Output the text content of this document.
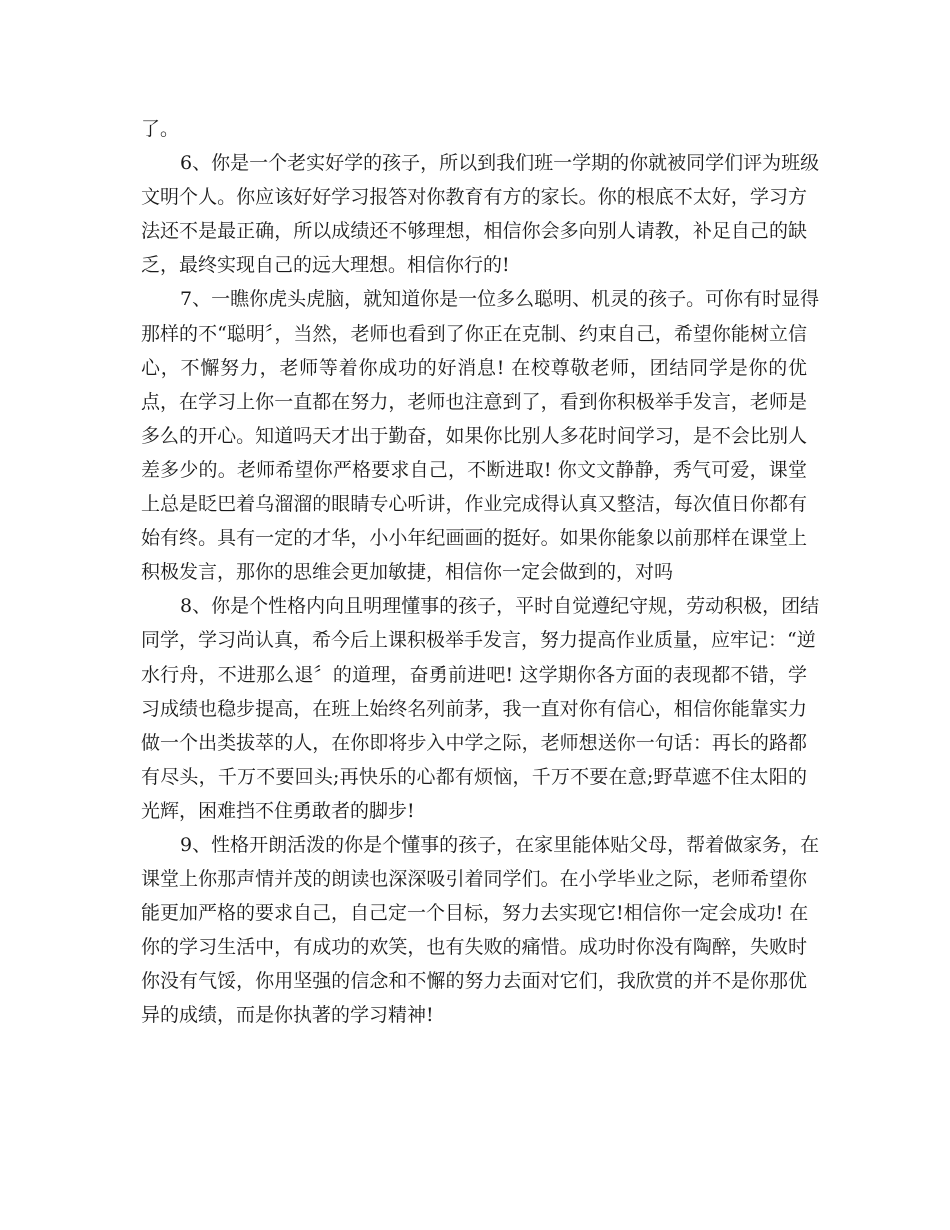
了。
6、你是一个老实好学的孩子，所以到我们班一学期的你就被同学们评为班级
文明个人。你应该好好学习报答对你教育有方的家长。你的根底不太好，学习方
法还不是最正确，所以成绩还不够理想，相信你会多向别人请教，补足自己的缺
乏，最终实现自己的远大理想。相信你行的!
7、一瞧你虎头虎脑，就知道你是一位多么聪明、机灵的孩子。可你有时显得
那样的不“聪明〞，当然，老师也看到了你正在克制、约束自己，希望你能树立信
心，不懈努力，老师等着你成功的好消息! 在校尊敬老师，团结同学是你的优
点，在学习上你一直都在努力，老师也注意到了，看到你积极举手发言，老师是
多么的开心。知道吗天才出于勤奋，如果你比别人多花时间学习，是不会比别人
差多少的。老师希望你严格要求自己，不断进取! 你文文静静，秀气可爱，课堂
上总是眨巴着乌溜溜的眼睛专心听讲，作业完成得认真又整洁，每次值日你都有
始有终。具有一定的才华，小小年纪画画的挺好。如果你能象以前那样在课堂上
积极发言，那你的思维会更加敏捷，相信你一定会做到的，对吗
8、你是个性格内向且明理懂事的孩子，平时自觉遵纪守规，劳动积极，团结
同学，学习尚认真，希今后上课积极举手发言，努力提高作业质量，应牢记：“逆
水行舟，不进那么退〞的道理，奋勇前进吧! 这学期你各方面的表现都不错，学
习成绩也稳步提高，在班上始终名列前茅，我一直对你有信心，相信你能靠实力
做一个出类拔萃的人，在你即将步入中学之际，老师想送你一句话：再长的路都
有尽头，千万不要回头;再快乐的心都有烦恼，千万不要在意;野草遮不住太阳的
光辉，困难挡不住勇敢者的脚步!
9、性格开朗活泼的你是个懂事的孩子，在家里能体贴父母，帮着做家务，在
课堂上你那声情并茂的朗读也深深吸引着同学们。在小学毕业之际，老师希望你
能更加严格的要求自己，自己定一个目标，努力去实现它!相信你一定会成功! 在
你的学习生活中，有成功的欢笑，也有失败的痛惜。成功时你没有陶醉，失败时
你没有气馁，你用坚强的信念和不懈的努力去面对它们，我欣赏的并不是你那优
异的成绩，而是你执著的学习精神!
